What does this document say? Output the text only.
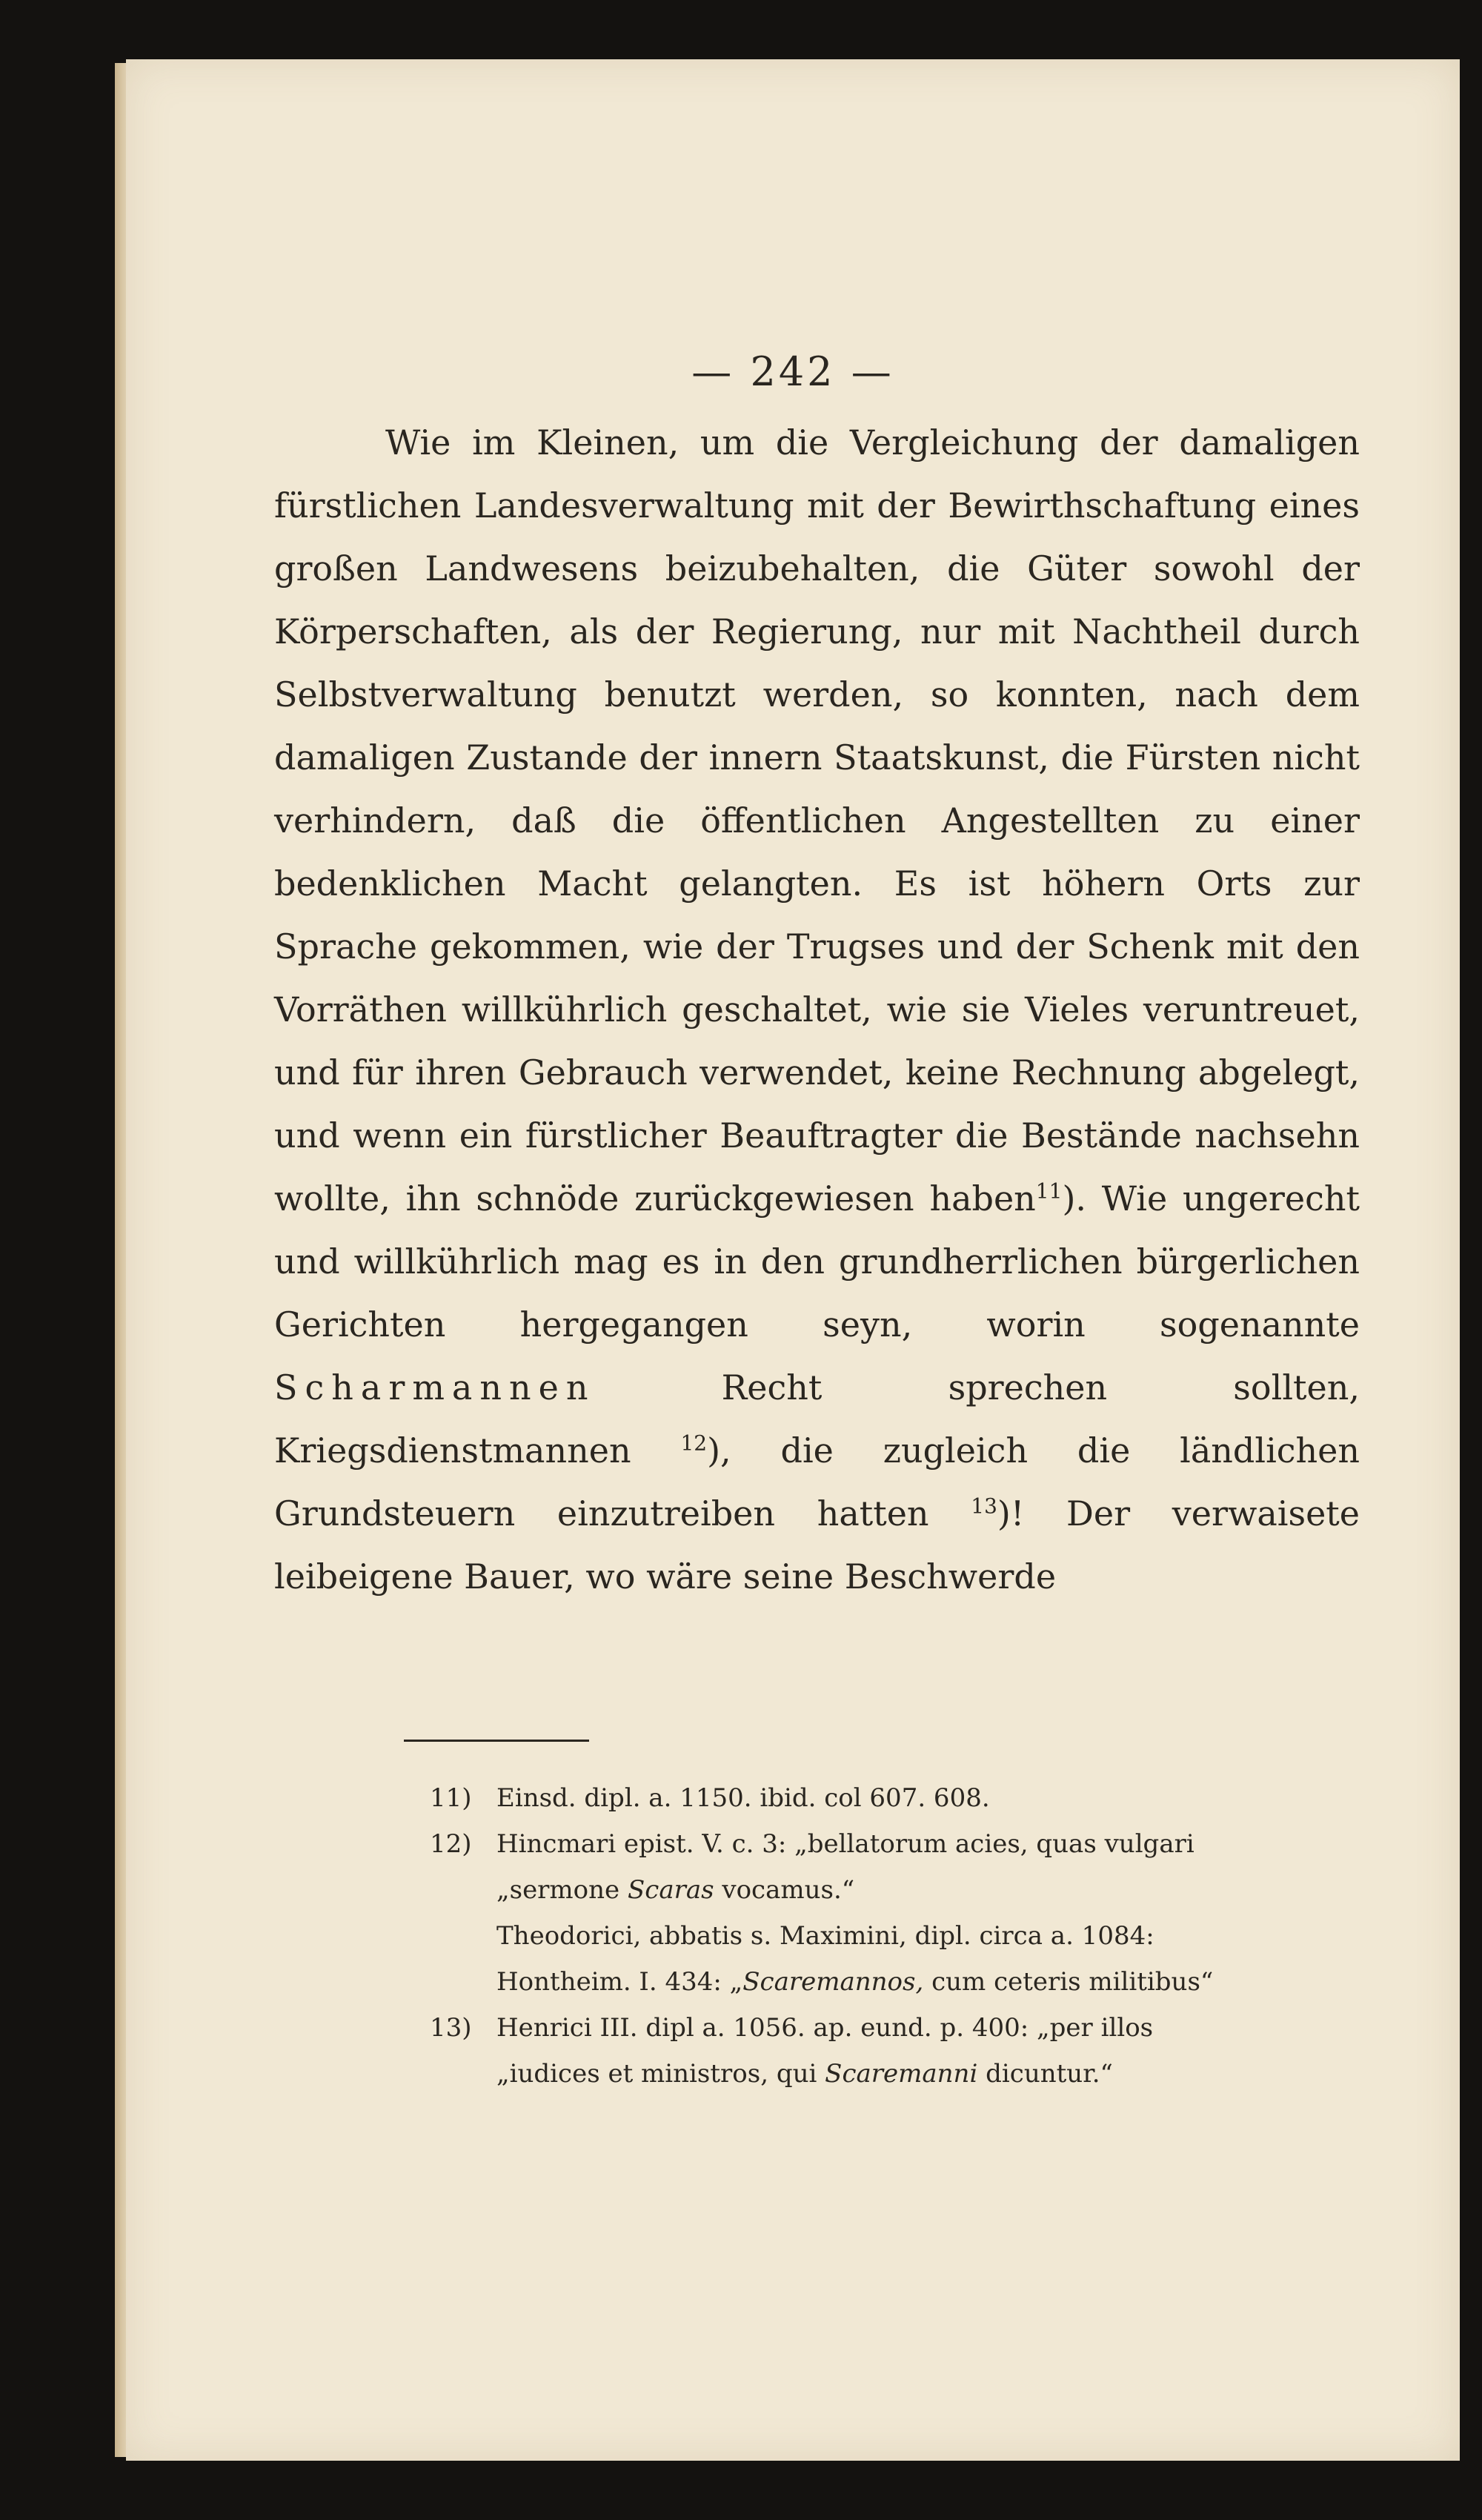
— 242 —
Wie im Kleinen, um die Vergleichung der damaligen fürstlichen Landesverwaltung mit der Bewirthschaftung eines großen Landwesens beizubehalten, die Güter sowohl der Körperschaften, als der Regierung, nur mit Nachtheil durch Selbstverwaltung benutzt werden, so konnten, nach dem damaligen Zustande der innern Staatskunst, die Fürsten nicht verhindern, daß die öffentlichen Angestellten zu einer bedenklichen Macht gelangten. Es ist höhern Orts zur Sprache gekommen, wie der Trugses und der Schenk mit den Vorräthen willkührlich geschaltet, wie sie Vieles veruntreuet, und für ihren Gebrauch verwendet, keine Rechnung abgelegt, und wenn ein fürstlicher Beauftragter die Bestände nachsehn wollte, ihn schnöde zurückgewiesen haben$^{11}$). Wie ungerecht und willkührlich mag es in den grundherrlichen bürgerlichen Gerichten hergegangen seyn, worin sogenannte Scharmannen	Recht sprechen sollten, Kriegsdienstmannen $^{12}$), die zugleich die ländlichen Grundsteuern einzutreiben hatten $^{13}$)! Der verwaisete leibeigene Bauer, wo wäre seine Beschwerde
11) Einsd. dipl. a. 1150. ibid. col 607. 608.
12) Hincmari epist. V. c. 3: „bellatorum acies, quas vulgari
„sermone Scaras vocamus.“
Theodorici, abbatis s. Maximini, dipl. circa a. 1084:
Hontheim. I. 434: „Scaremannos, cum ceteris militibus“
13) Henrici III. dipl a. 1056. ap. eund. p. 400: „per illos
„iudices et ministros, qui Scaremanni dicuntur.“
